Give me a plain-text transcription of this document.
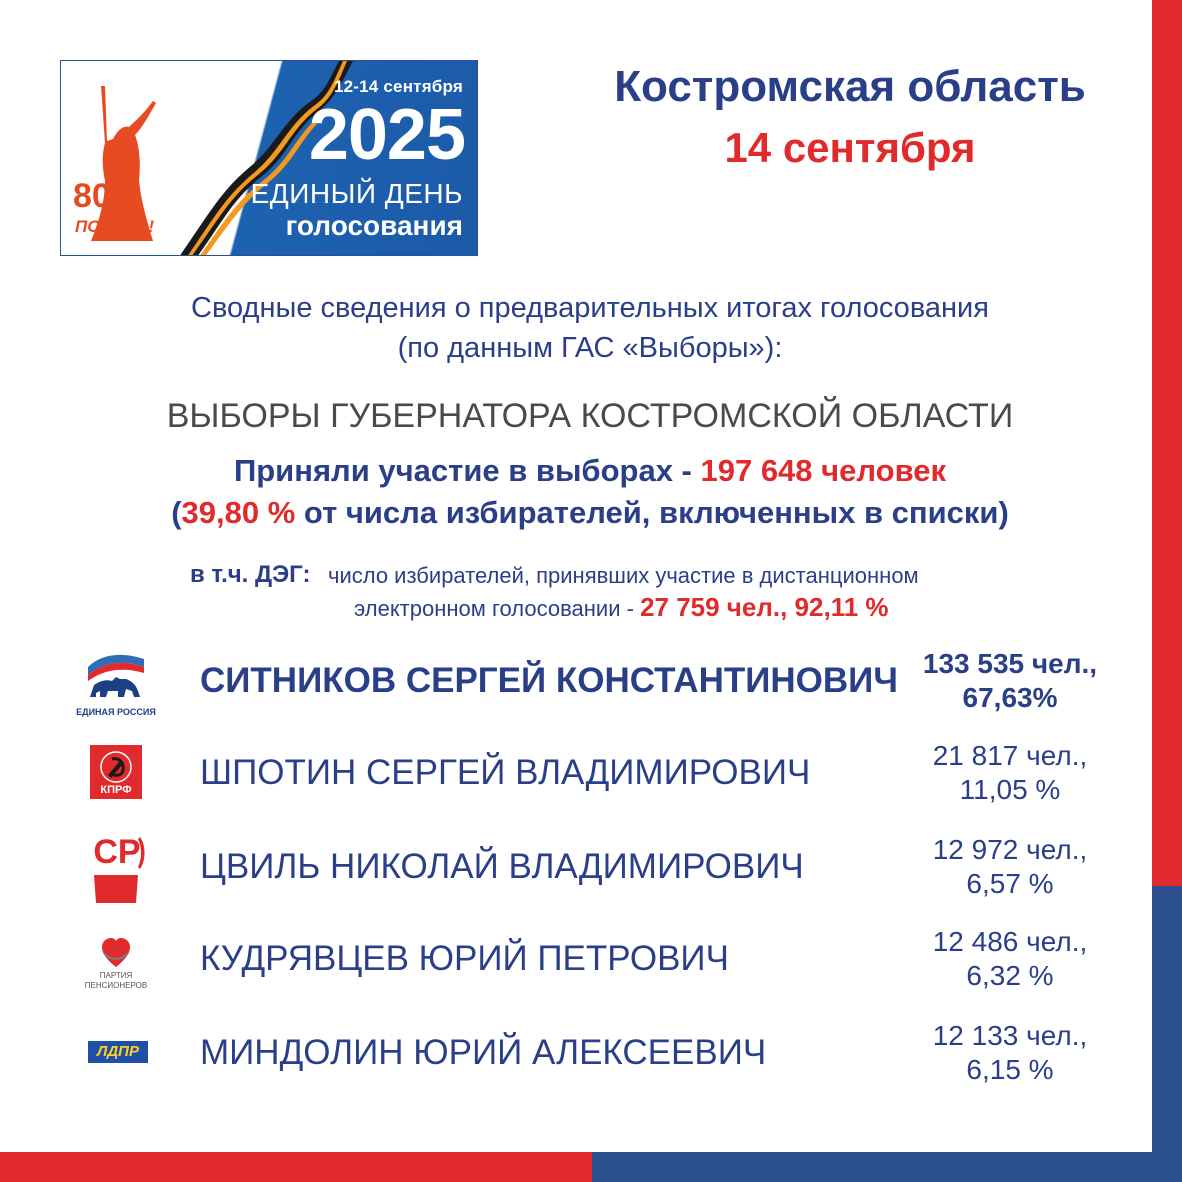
80
ПОБЕДА!
12-14 сентября
2025
ЕДИНЫЙ ДЕНЬ
голосования
Костромская область
14 сентября
Сводные сведения о предварительных итогах голосования
(по данным ГАС «Выборы»):
ВЫБОРЫ ГУБЕРНАТОРА КОСТРОМСКОЙ ОБЛАСТИ
Приняли участие в выборах - 197 648 человек
(39,80 % от числа избирателей, включенных в списки)
в т.ч. ДЭГ: число избирателей, принявших участие в дистанционном
электронном голосовании - 27 759 чел., 92,11 %
ЕДИНАЯ РОССИЯ
СИТНИКОВ СЕРГЕЙ КОНСТАНТИНОВИЧ 133 535 чел.,
67,63%
КПРФ ШПОТИН СЕРГЕЙ ВЛАДИМИРОВИЧ	21 817 чел.,
11,05 %
СР ЦВИЛЬ НИКОЛАЙ ВЛАДИМИРОВИЧ	12 972 чел.,
6,57 %
ПАРТИЯ ПЕНСИОНЕРОВ
КУДРЯВЦЕВ ЮРИЙ ПЕТРОВИЧ	12 486 чел.,
6,32 %
ЛДПР МИНДОЛИН ЮРИЙ АЛЕКСЕЕВИЧ	12 133 чел.,
6,15 %
